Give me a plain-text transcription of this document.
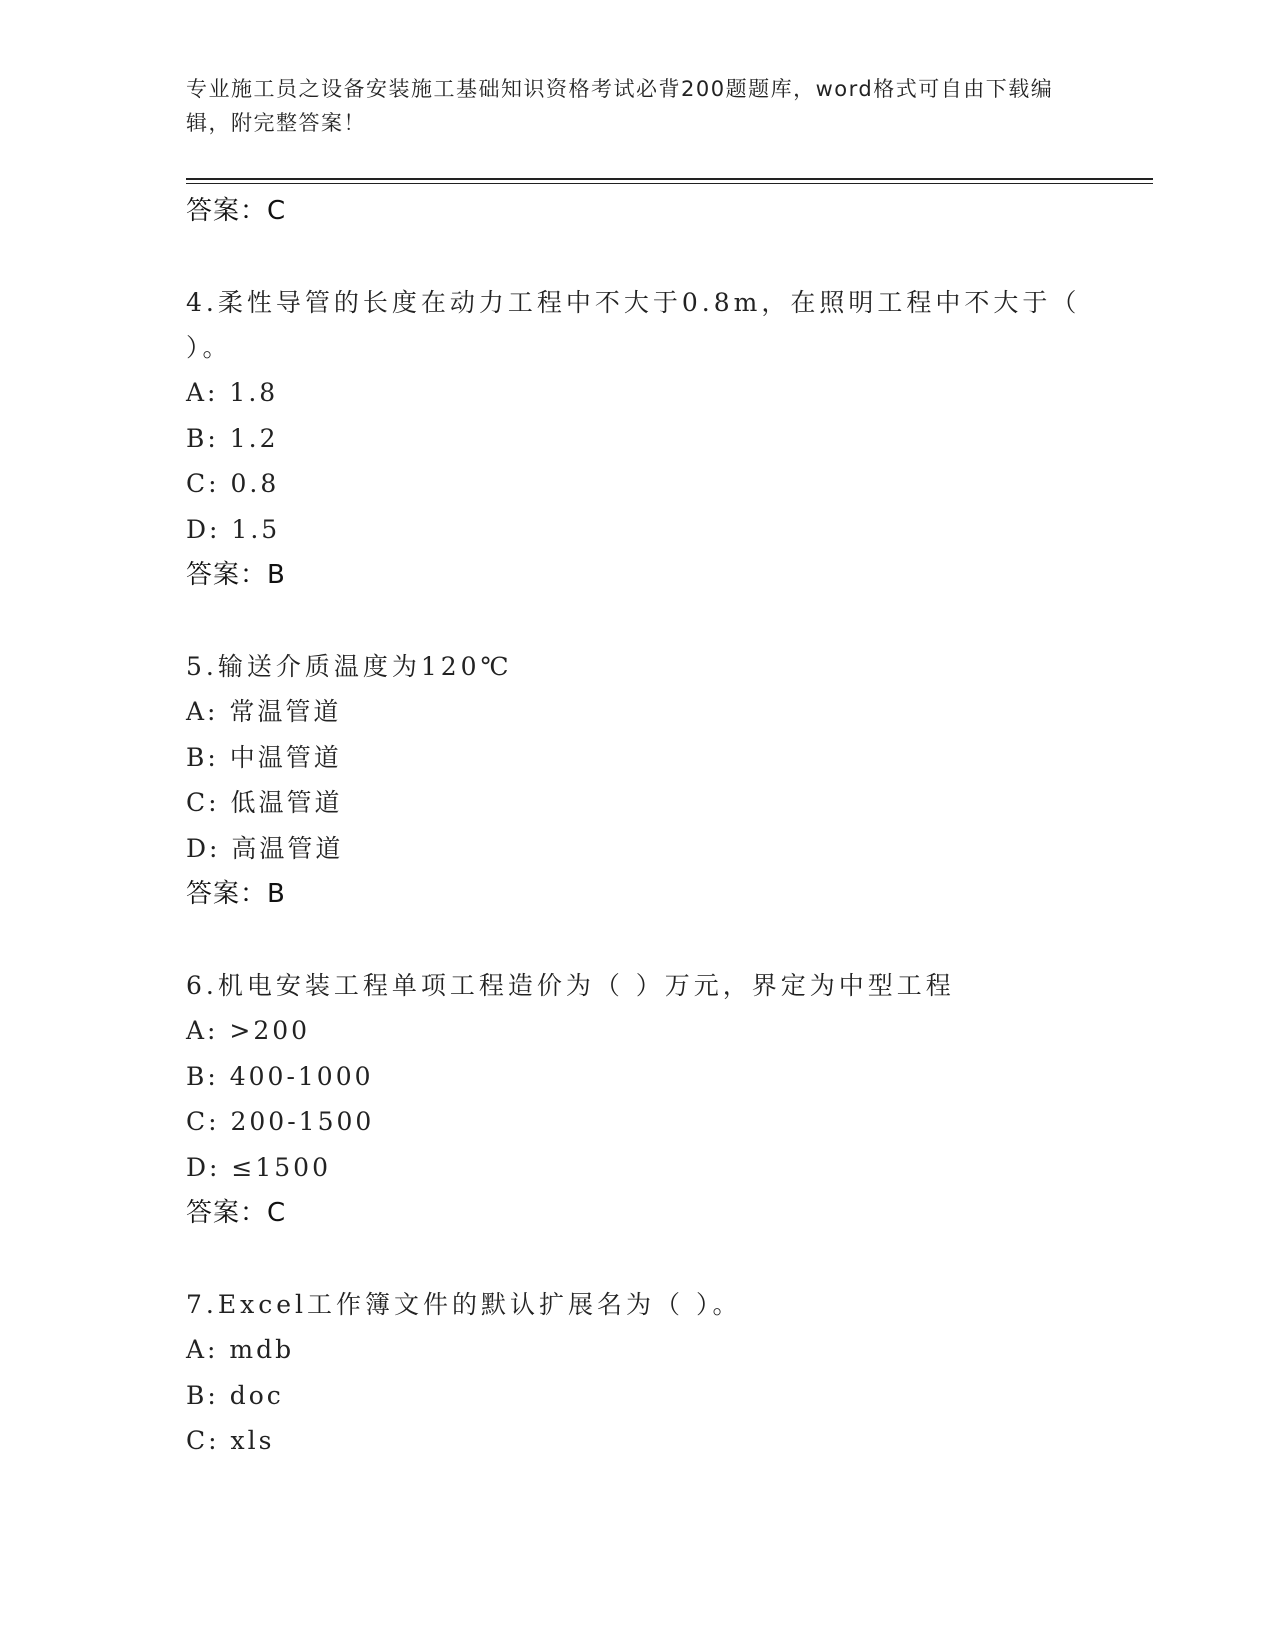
专业施工员之设备安装施工基础知识资格考试必背200题题库，word格式可自由下载编辑，附完整答案！
答案：C
4.柔性导管的长度在动力工程中不大于0.8m，在照明工程中不大于（ ）。
A: 1.8
B: 1.2
C: 0.8
D: 1.5
答案：B
5.输送介质温度为120℃
A: 常温管道
B: 中温管道
C: 低温管道
D: 高温管道
答案：B
6.机电安装工程单项工程造价为（ ）万元，界定为中型工程
A: >200
B: 400-1000
C: 200-1500
D: ≤1500
答案：C
7.Excel工作簿文件的默认扩展名为（ ）。
A: mdb
B: doc
C: xls
